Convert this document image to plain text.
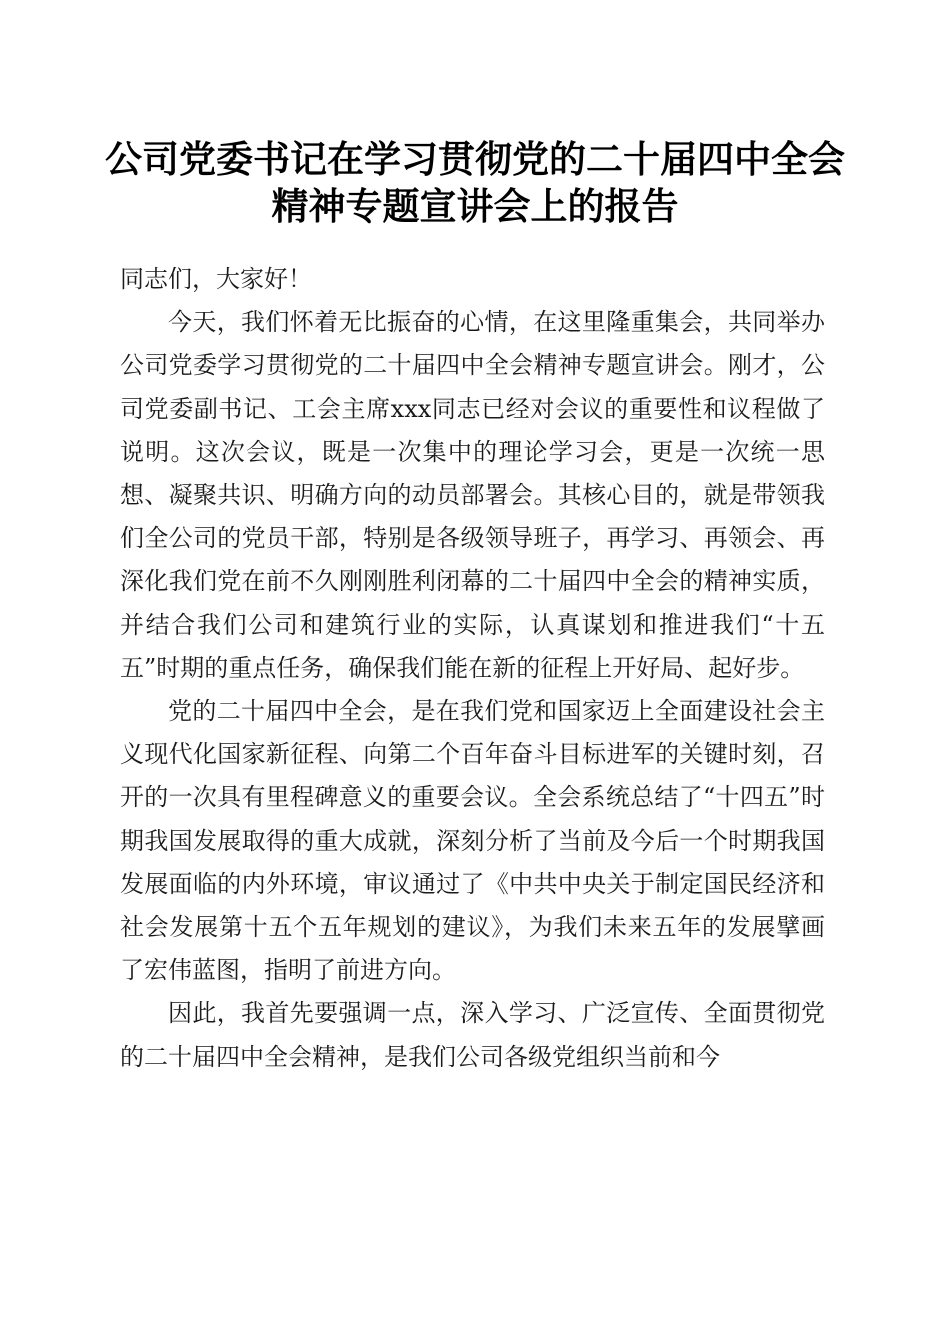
公司党委书记在学习贯彻党的二十届四中全会
精神专题宣讲会上的报告

同志们，大家好！

今天，我们怀着无比振奋的心情，在这里隆重集会，共同举办公司党委学习贯彻党的二十届四中全会精神专题宣讲会。刚才，公司党委副书记、工会主席xxx同志已经对会议的重要性和议程做了说明。这次会议，既是一次集中的理论学习会，更是一次统一思想、凝聚共识、明确方向的动员部署会。其核心目的，就是带领我们全公司的党员干部，特别是各级领导班子，再学习、再领会、再深化我们党在前不久刚刚胜利闭幕的二十届四中全会的精神实质，并结合我们公司和建筑行业的实际，认真谋划和推进我们“十五五”时期的重点任务，确保我们能在新的征程上开好局、起好步。

党的二十届四中全会，是在我们党和国家迈上全面建设社会主义现代化国家新征程、向第二个百年奋斗目标进军的关键时刻，召开的一次具有里程碑意义的重要会议。全会系统总结了“十四五”时期我国发展取得的重大成就，深刻分析了当前及今后一个时期我国发展面临的内外环境，审议通过了《中共中央关于制定国民经济和社会发展第十五个五年规划的建议》，为我们未来五年的发展擘画了宏伟蓝图，指明了前进方向。

因此，我首先要强调一点，深入学习、广泛宣传、全面贯彻党的二十届四中全会精神，是我们公司各级党组织当前和今
